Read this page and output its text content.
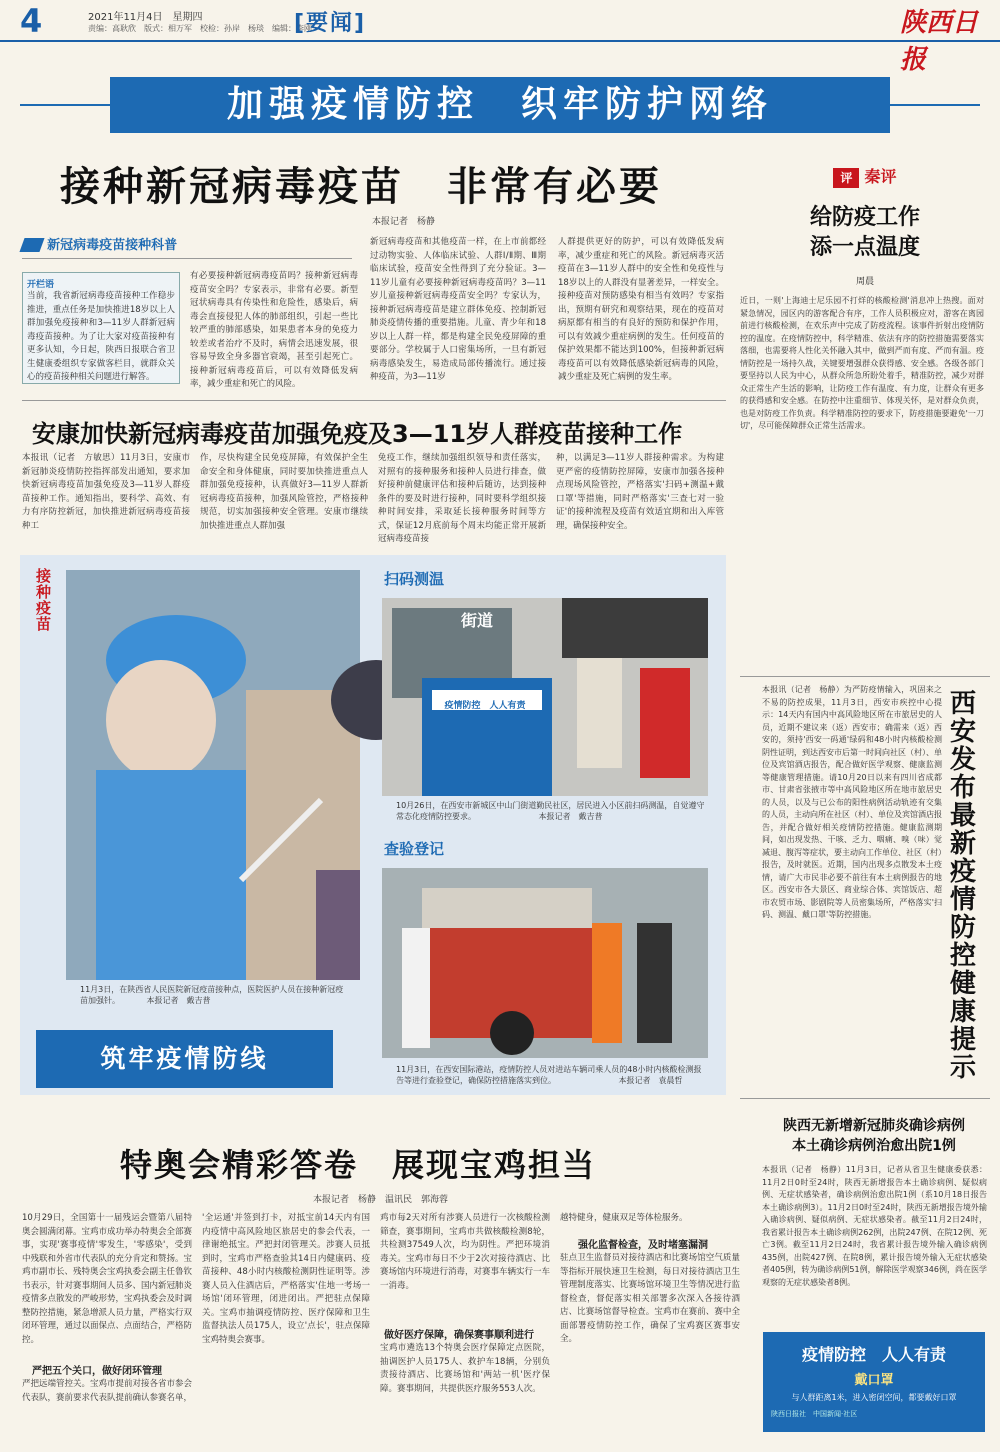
4	2021年11月4日　星期四
责编：高耿欣　版式：相万军　校检：孙岸　杨琰　编辑：李刚
[要闻]	陕西日报
加强疫情防控　织牢防护网络
接种新冠病毒疫苗　非常有必要
本报记者　杨静
新冠病毒疫苗接种科普
开栏语
当前，我省新冠病毒疫苗接种工作稳步推进，重点任务是加快推进18岁以上人群加强免疫接种和3—11岁人群新冠病毒疫苗接种。为了让大家对疫苗接种有更多认知，今日起，陕西日报联合省卫生健康委组织专家做客栏目，就群众关心的疫苗接种相关问题进行解答。
有必要接种新冠病毒疫苗吗？接种新冠病毒疫苗安全吗？专家表示，非常有必要。新型冠状病毒具有传染性和危险性，感染后，病毒会直接侵犯人体的肺部组织，引起一些比较严重的肺部感染，如果患者本身的免疫力较差或者治疗不及时，病情会迅速发展，很容易导致全身多器官衰竭，甚至引起死亡。接种新冠病毒疫苗后，可以有效降低发病率，减少重症和死亡的风险。
新冠病毒疫苗和其他疫苗一样，在上市前都经过动物实验、人体临床试验、人群Ⅰ/Ⅱ期、Ⅲ期临床试验，疫苗安全性得到了充分验证。3—11岁儿童有必要接种新冠病毒疫苗吗？3—11岁儿童接种新冠病毒疫苗安全吗？专家认为，接种新冠病毒疫苗是建立群体免疫、控制新冠肺炎疫情传播的重要措施。儿童、青少年和18岁以上人群一样，都是构建全民免疫屏障的重要部分。学校属于人口密集场所，一旦有新冠病毒感染发生，易造成局部传播流行。通过接种疫苗，为3—11岁
人群提供更好的防护，可以有效降低发病率，减少重症和死亡的风险。新冠病毒灭活疫苗在3—11岁人群中的安全性和免疫性与18岁以上的人群没有显著差异，一样安全。接种疫苗对预防感染有相当有效吗？专家指出，预期有研究和观察结果，现在的疫苗对病原都有相当的有良好的预防和保护作用，可以有效减少重症病例的发生。任何疫苗的保护效果都不能达到100%，但接种新冠病毒疫苗可以有效降低感染新冠病毒的风险，减少重症及死亡病例的发生率。
安康加快新冠病毒疫苗加强免疫及3—11岁人群疫苗接种工作
本报讯（记者　方敏思）11月3日，安康市新冠肺炎疫情防控指挥部发出通知，要求加快新冠病毒疫苗加强免疫及3—11岁人群疫苗接种工作。通知指出，要科学、高效、有力有序防控新冠，加快推进新冠病毒疫苗接种工
作，尽快构建全民免疫屏障，有效保护全生命安全和身体健康，同时要加快推进重点人群加强免疫接种，认真做好3—11岁人群新冠病毒疫苗接种，加强风险管控，严格接种规范，切实加强接种安全管理。安康市继续加快推进重点人群加强
免疫工作，继续加强组织领导和责任落实，对照有的接种服务和接种人员进行排查，做好接种前健康评估和接种后随访，达到接种条件的要及时进行接种，同时要科学组织接种时间安排，采取延长接种服务时间等方式，保证12月底前每个周末均能正常开展新冠病毒疫苗接
种，以满足3—11岁人群接种需求。为构建更严密的疫情防控屏障，安康市加强各接种点现场风险管控，严格落实'扫码+测温+戴口罩'等措施，同时严格落实'三查七对一验证'的接种流程及疫苗有效适宜期和出入库管理，确保接种安全。
接种疫苗
11月3日，在陕西省人民医院新冠疫苗接种点，医院医护人员在接种新冠疫苗加强针。	本报记者　戴吉普
筑牢疫情防线
扫码测温
疫情防控　人人有责
街道
10月26日，在西安市新城区中山门街道勤民社区，居民进入小区前扫码测温，自觉遵守常态化疫情防控要求。	本报记者　戴吉普
查验登记
11月3日，在西安国际港站，疫情防控人员对进站车辆司乘人员的48小时内核酸检测报告等进行查验登记，确保防控措施落实到位。	本报记者　袁晨哲
特奥会精彩答卷　展现宝鸡担当
本报记者　杨静　温讯民　郭海蓉
10月29日，全国第十一届残运会暨第八届特奥会圆满闭幕。宝鸡市成功举办特奥会全部赛事，实现'赛事疫情'零发生，'零感染'，受到中残联和外省市代表队的充分肯定和赞扬。宝鸡市副市长、残特奥会宝鸡执委会副主任鲁钦书表示，针对赛事期间人员多、国内新冠肺炎疫情多点散发的严峻形势，宝鸡执委会及时调整防控措施，紧急增派人员力量，严格实行双闭环管理，通过以面保点、点面结合，严格防控。
严把五个关口，做好闭环管理
严把远端管控关。宝鸡市提前对接各省市参会代表队，赛前要求代表队提前确认参赛名单，
'全运通'并签到打卡，对抵宝前14天内有国内疫情中高风险地区旅居史的参会代表，一律谢绝抵宝。严把封闭管理关。涉赛人员抵到时，宝鸡市严格查验其14日内健康码、疫苗接种、48小时内核酸检测阴性证明等。涉赛人员入住酒店后，严格落实'住地一考场一场馆'闭环管理，闭进闭出。严把驻点保障关。宝鸡市抽调疫情防控、医疗保障和卫生监督执法人员175人，设立'点长'，驻点保障宝鸡特奥会赛事。
鸡市每2天对所有涉赛人员进行一次核酸检测筛查，赛事期间，宝鸡市共做核酸检测8轮，共检测37549人次，均为阴性。严把环境消毒关。宝鸡市每日不少于2次对接待酒店、比赛场馆内环境进行消毒，对赛事车辆实行一车一消毒。
做好医疗保障，确保赛事顺利进行
宝鸡市遴选13个特奥会医疗保障定点医院，抽调医护人员175人、救护车18辆，分别负责接待酒店、比赛场馆和'两站一机'医疗保障。赛事期间，共提供医疗服务553人次。
越特健身，健康双足等体检服务。
强化监督检查，及时堵塞漏洞
驻点卫生监督员对接待酒店和比赛场馆空气质量等指标开展快速卫生检测，每日对接待酒店卫生管理制度落实、比赛场馆环境卫生等情况进行监督检查，督促落实相关部署多次深入各接待酒店、比赛场馆督导检查。宝鸡市在赛前、赛中全面部署疫情防控工作，确保了宝鸡赛区赛事安全。
评 秦评
给防疫工作
添一点温度
周晨
近日，一则'上海迪士尼乐园不打烊的核酸检测'消息冲上热搜。面对紧急情况，园区内的游客配合有序，工作人员积极应对，游客在离园前进行核酸检测，在欢乐声中完成了防疫流程。该事件折射出疫情防控的温度。在疫情防控中，科学精准、依法有序的防控措施需要落实落细，也需要将人性化关怀融入其中，做到严而有度、严而有温。疫情防控是一场持久战，关键要增强群众获得感、安全感。各级各部门要坚持以人民为中心，从群众所急所盼处着手，精准防控，减少对群众正常生产生活的影响，让防疫工作有温度、有力度，让群众有更多的获得感和安全感。在防控中注重细节、体现关怀，是对群众负责，也是对防疫工作负责。科学精准防控的要求下，防疫措施要避免'一刀切'，尽可能保障群众正常生活需求。
西安发布最新疫情防控健康提示
本报讯（记者　杨静）为严防疫情输入，巩固来之不易的防控成果，11月3日，西安市疾控中心提示：14天内有国内中高风险地区所在市旅居史的人员，近期不建议来（返）西安市；确需来（返）西安的，须持'西安一码通'绿码和48小时内核酸检测阴性证明，到达西安市后第一时间向社区（村）、单位及宾馆酒店报告，配合做好医学观察、健康监测等健康管理措施。请10月20日以来有四川省成都市、甘肃省张掖市等中高风险地区所在地市旅居史的人员，以及与已公布的阳性病例活动轨迹有交集的人员，主动向所在社区（村）、单位及宾馆酒店报告，并配合做好相关疫情防控措施。健康监测期间，如出现发热、干咳、乏力、咽痛、嗅（味）觉减退、腹泻等症状，要主动向工作单位、社区（村）报告，及时就医。近期，国内出现多点散发本土疫情，请广大市民非必要不前往有本土病例报告的地区。西安市各大景区、商业综合体、宾馆饭店、超市农贸市场、影剧院等人员密集场所，严格落实'扫码、测温、戴口罩'等防控措施。
陕西无新增新冠肺炎确诊病例
本土确诊病例治愈出院1例
本报讯（记者　杨静）11月3日，记者从省卫生健康委获悉：11月2日0时至24时，陕西无新增报告本土确诊病例、疑似病例、无症状感染者，确诊病例治愈出院1例（系10月18日报告本土确诊病例3）。11月2日0时至24时，陕西无新增报告境外输入确诊病例、疑似病例、无症状感染者。截至11月2日24时，我省累计报告本土确诊病例262例，出院247例、在院12例、死亡3例。截至11月2日24时，我省累计报告境外输入确诊病例435例，出院427例、在院8例，累计报告境外输入无症状感染者405例，转为确诊病例51例，解除医学观察346例，尚在医学观察的无症状感染者8例。
疫情防控　人人有责
戴口罩
与人群距离1米，进入密闭空间，都要戴好口罩
陕西日报社　中国新闻·社区
